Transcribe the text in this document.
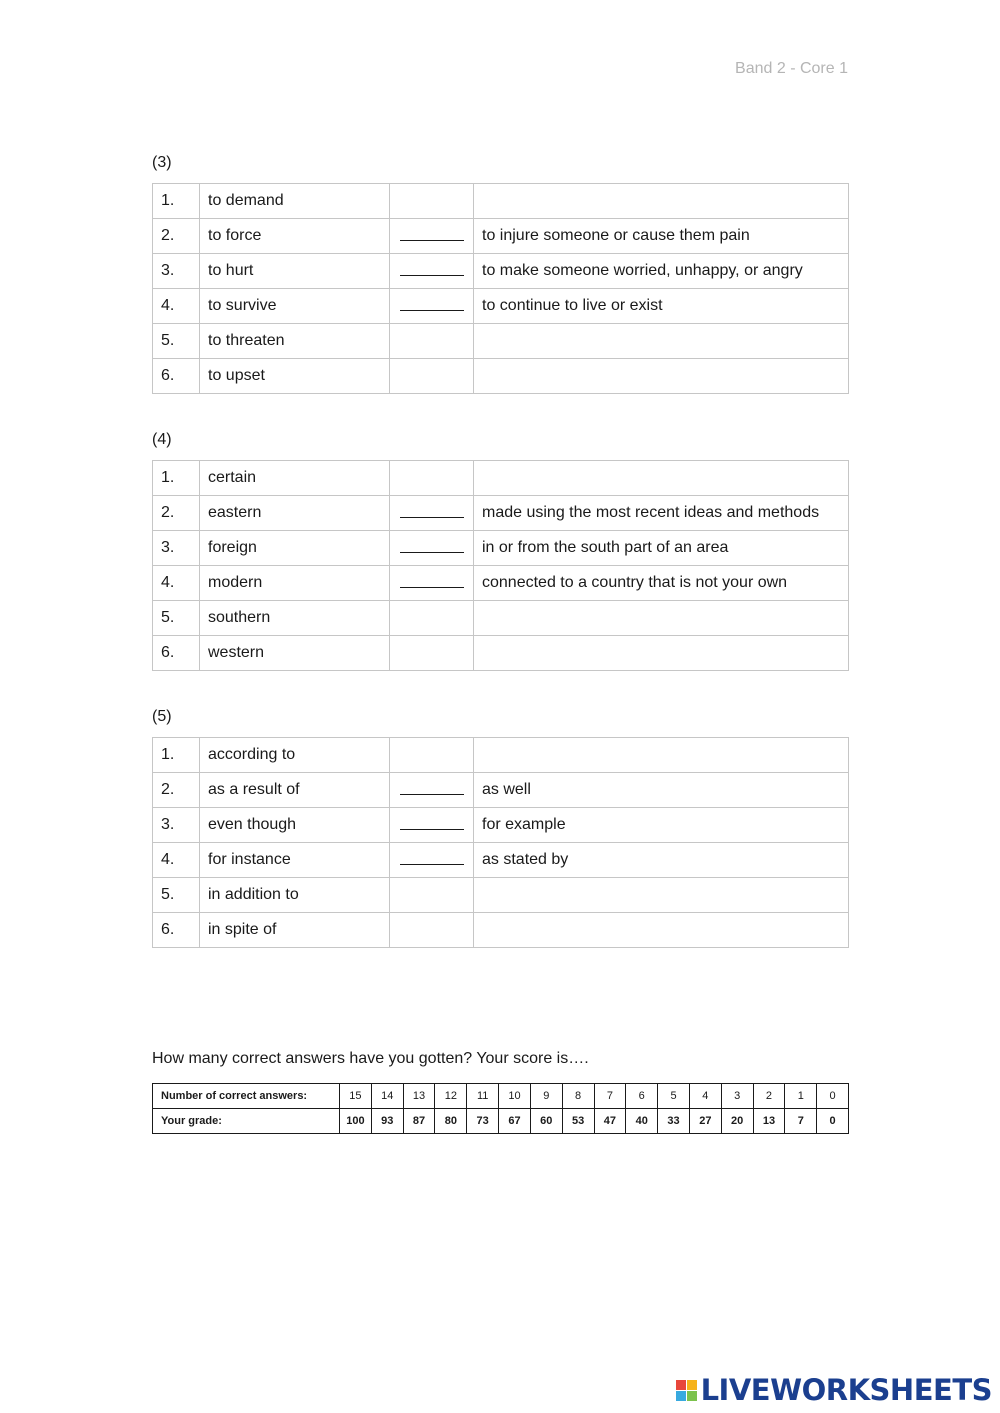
Band 2 - Core 1
(3)
1.	to demand		
2.	to force		to injure someone or cause them pain
3.	to hurt		to make someone worried, unhappy, or angry
4.	to survive		to continue to live or exist
5.	to threaten		
6.	to upset		
(4)
1.	certain		
2.	eastern		made using the most recent ideas and methods
3.	foreign		in or from the south part of an area
4.	modern		connected to a country that is not your own
5.	southern		
6.	western		
(5)
1.	according to		
2.	as a result of		as well
3.	even though		for example
4.	for instance		as stated by
5.	in addition to		
6.	in spite of		
How many correct answers have you gotten? Your score is….
Number of correct answers:	15	14	13	12	11	10	9	8	7	6	5	4	3	2	1	0
Your grade:	100	93	87	80	73	67	60	53	47	40	33	27	20	13	7	0
LIVEWORKSHEETS
